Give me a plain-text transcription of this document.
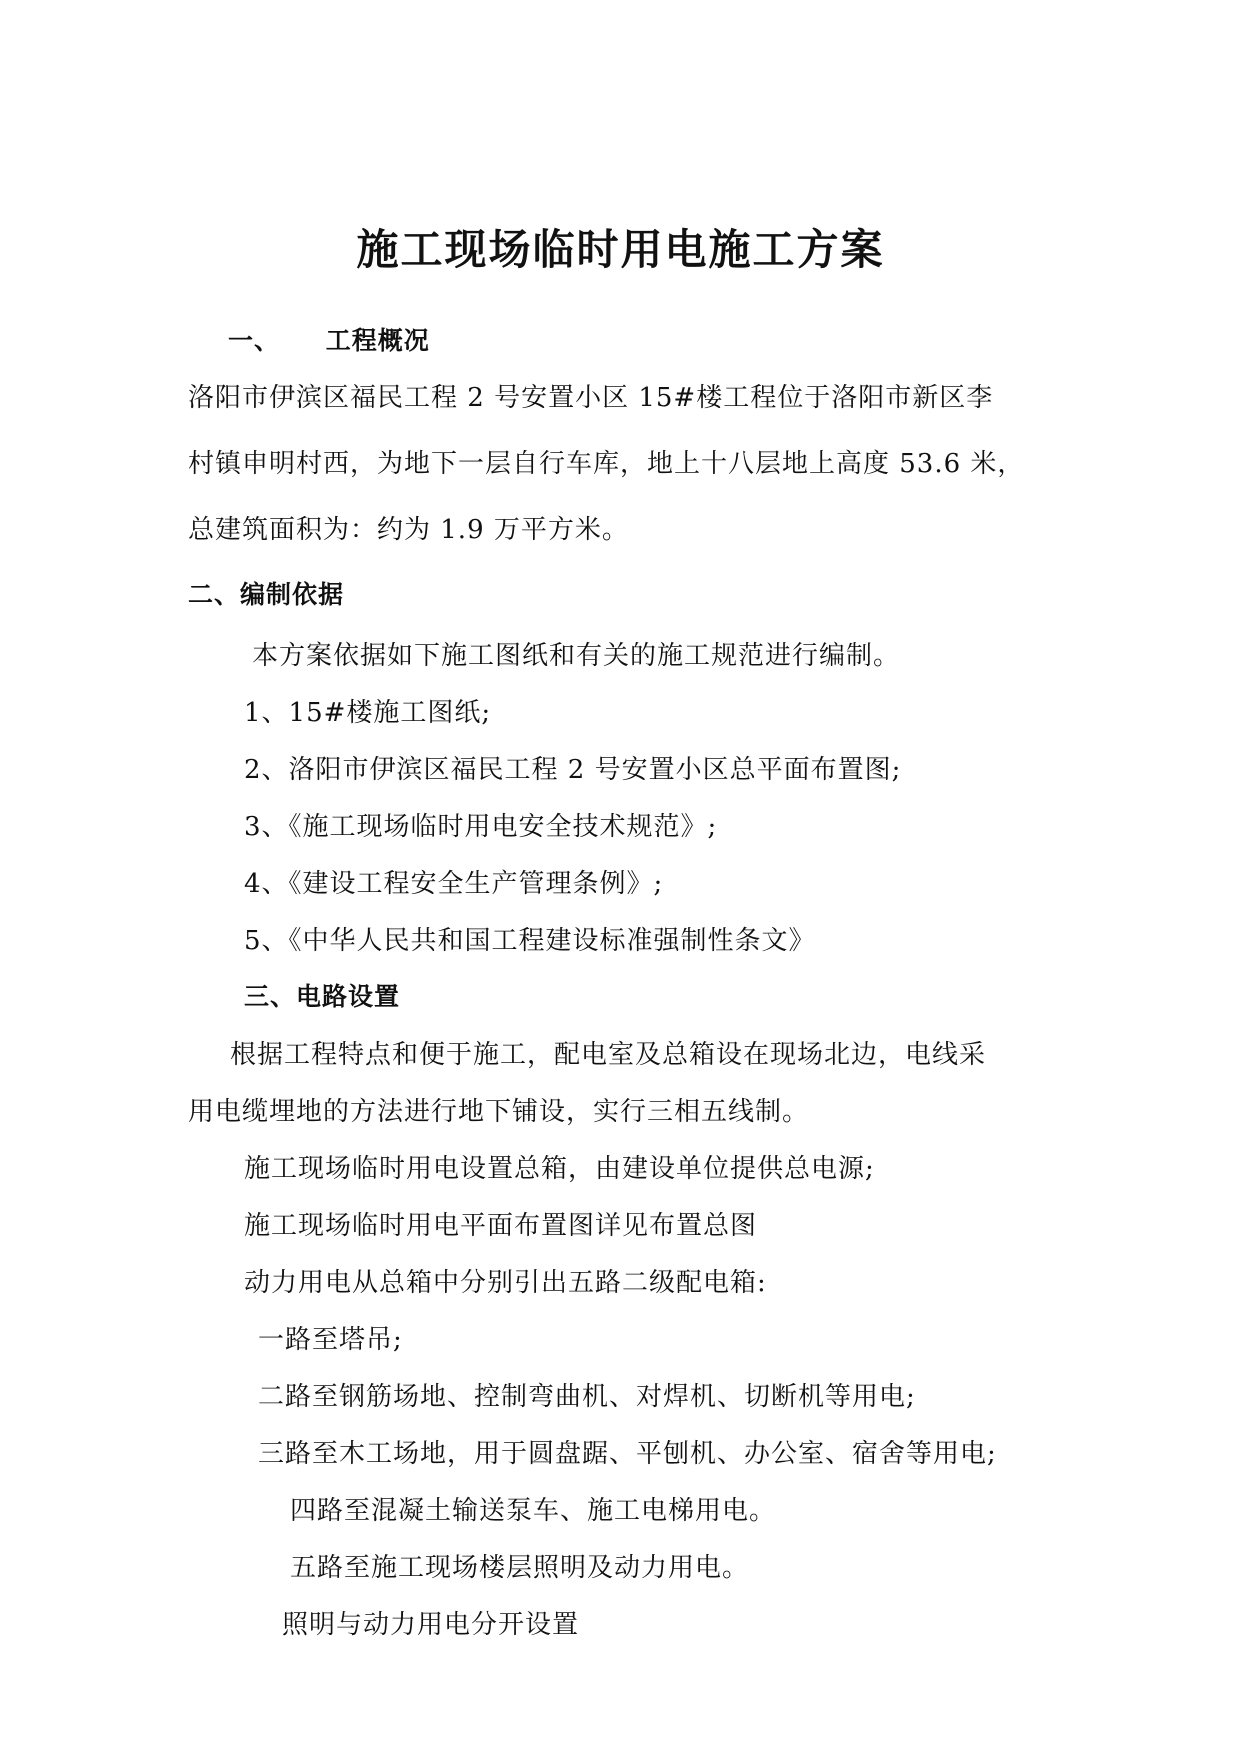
施工现场临时用电施工方案
一、 工程概况
洛阳市伊滨区福民工程 2 号安置小区 15#楼工程位于洛阳市新区李
村镇申明村西，为地下一层自行车库，地上十八层地上高度 53.6 米，
总建筑面积为：约为 1.9 万平方米。
二、编制依据
本方案依据如下施工图纸和有关的施工规范进行编制。
1、15#楼施工图纸;
2、洛阳市伊滨区福民工程 2 号安置小区总平面布置图;
3、《施工现场临时用电安全技术规范》;
4、《建设工程安全生产管理条例》;
5、《中华人民共和国工程建设标准强制性条文》
三、电路设置
根据工程特点和便于施工，配电室及总箱设在现场北边，电线采
用电缆埋地的方法进行地下铺设，实行三相五线制。
施工现场临时用电设置总箱，由建设单位提供总电源;
施工现场临时用电平面布置图详见布置总图
动力用电从总箱中分别引出五路二级配电箱:
一路至塔吊;
二路至钢筋场地、控制弯曲机、对焊机、切断机等用电;
三路至木工场地，用于圆盘踞、平刨机、办公室、宿舍等用电;
四路至混凝土输送泵车、施工电梯用电。
五路至施工现场楼层照明及动力用电。
照明与动力用电分开设置
